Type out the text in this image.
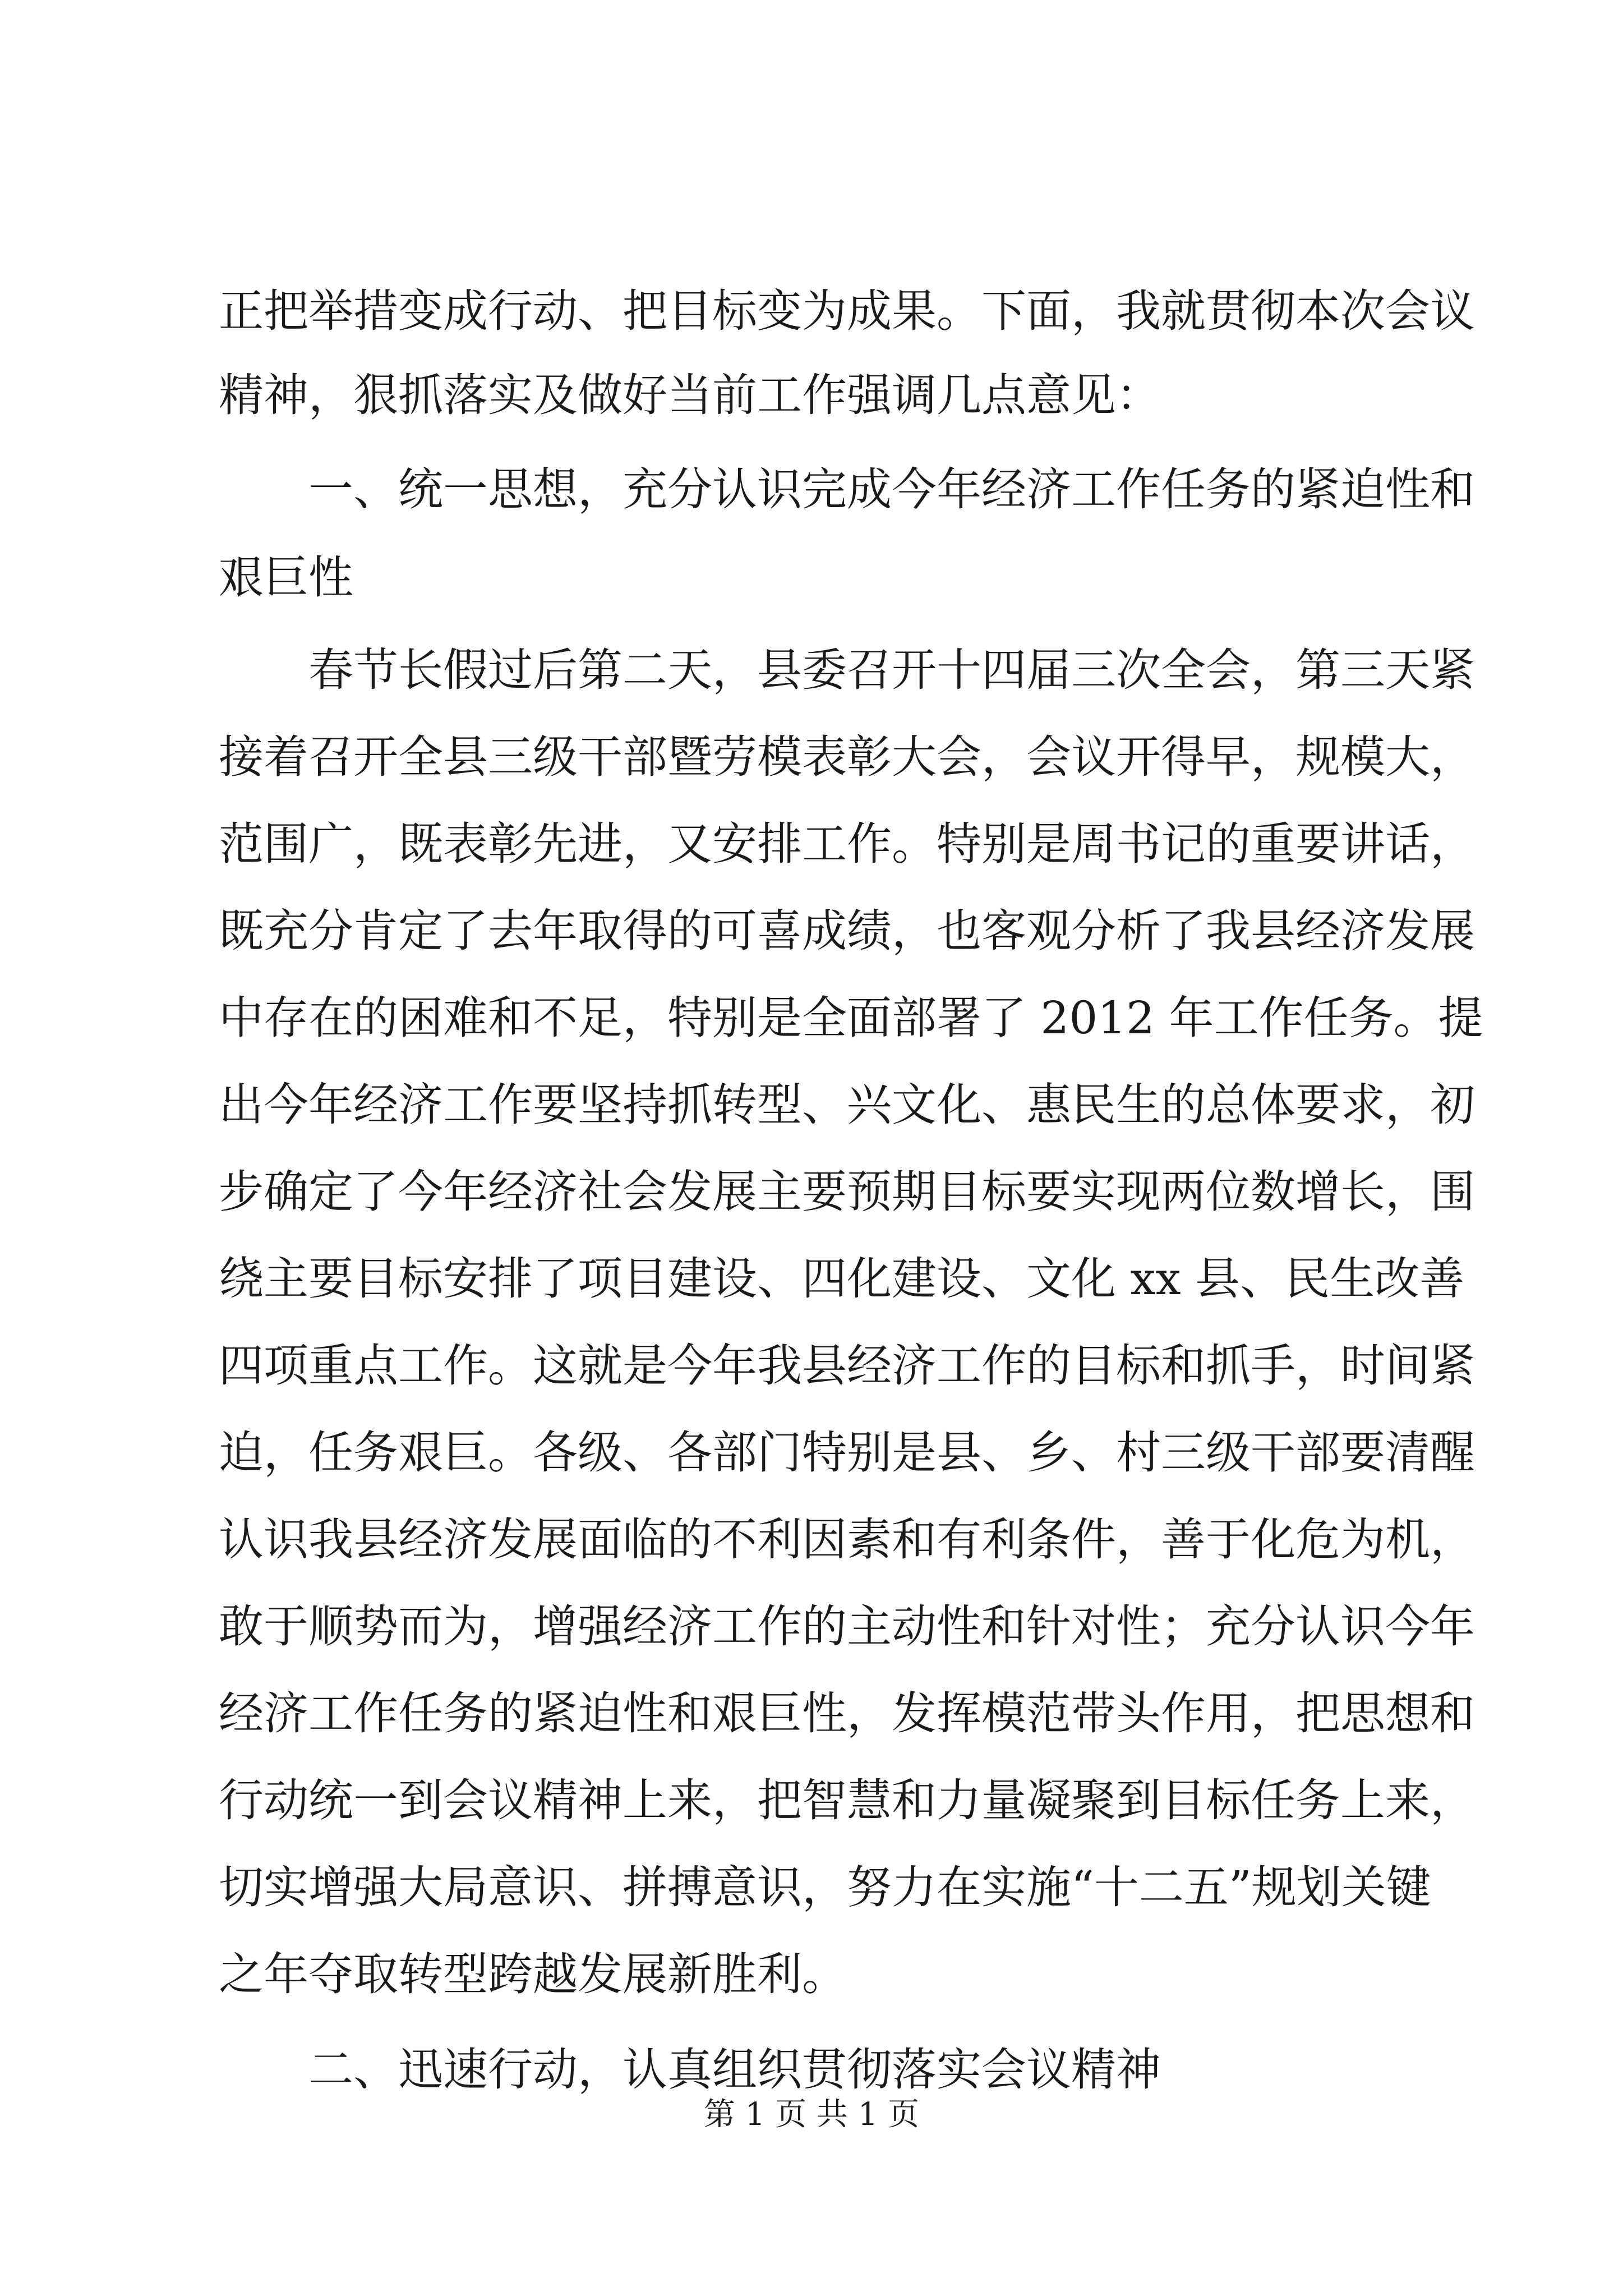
正把举措变成行动、把目标变为成果。下面，我就贯彻本次会议
精神，狠抓落实及做好当前工作强调几点意见：
一、统一思想，充分认识完成今年经济工作任务的紧迫性和
艰巨性
春节长假过后第二天，县委召开十四届三次全会，第三天紧
接着召开全县三级干部暨劳模表彰大会，会议开得早，规模大，
范围广，既表彰先进，又安排工作。特别是周书记的重要讲话，
既充分肯定了去年取得的可喜成绩，也客观分析了我县经济发展
中存在的困难和不足，特别是全面部署了 2012 年工作任务。提
出今年经济工作要坚持抓转型、兴文化、惠民生的总体要求，初
步确定了今年经济社会发展主要预期目标要实现两位数增长，围
绕主要目标安排了项目建设、四化建设、文化 xx 县、民生改善
四项重点工作。这就是今年我县经济工作的目标和抓手，时间紧
迫，任务艰巨。各级、各部门特别是县、乡、村三级干部要清醒
认识我县经济发展面临的不利因素和有利条件，善于化危为机，
敢于顺势而为，增强经济工作的主动性和针对性；充分认识今年
经济工作任务的紧迫性和艰巨性，发挥模范带头作用，把思想和
行动统一到会议精神上来，把智慧和力量凝聚到目标任务上来，
切实增强大局意识、拼搏意识，努力在实施“十二五”规划关键
之年夺取转型跨越发展新胜利。
二、迅速行动，认真组织贯彻落实会议精神
第 1 页 共 1 页
